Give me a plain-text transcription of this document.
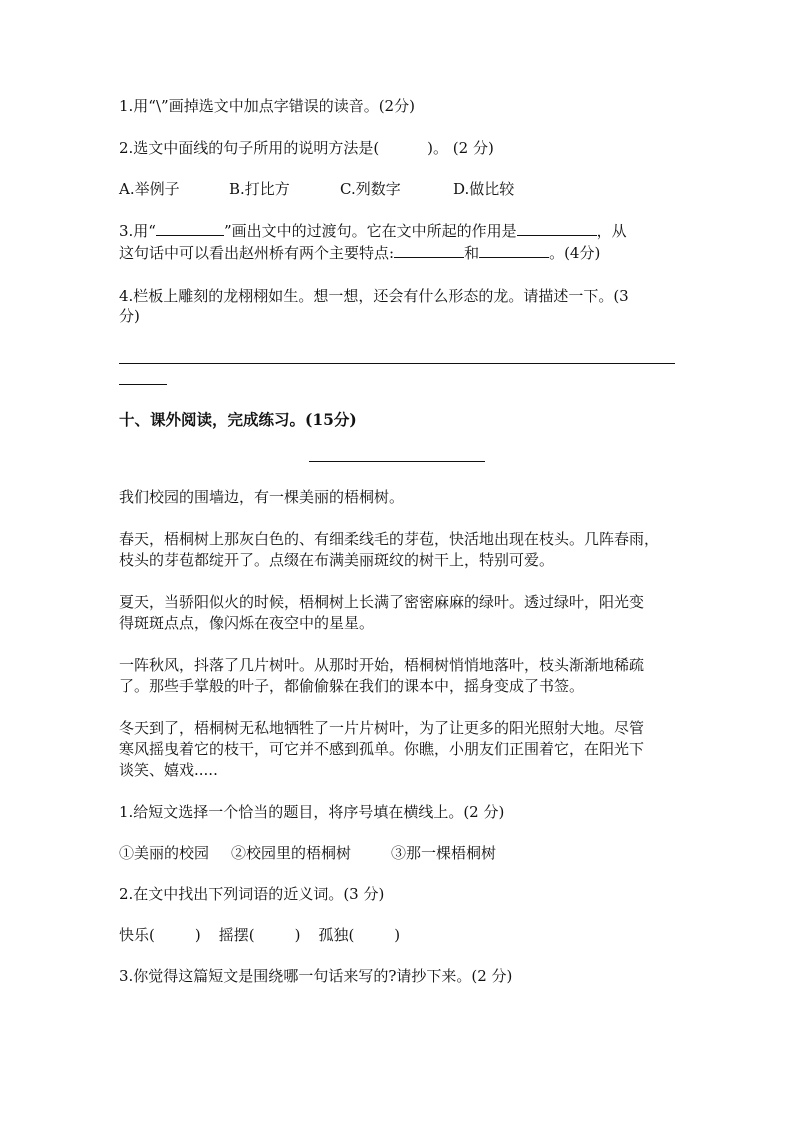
1.用“\”画掉选文中加点字错误的读音。(2分)
2.选文中面线的句子所用的说明方法是(	)。 (2 分)
A.举例子	B.打比方	C.列数字	D.做比较
3.用“	”画出文中的过渡句。它在文中所起的作用是	，从
这句话中可以看出赵州桥有两个主要特点:	和	。(4分)
4.栏板上雕刻的龙栩栩如生。想一想，还会有什么形态的龙。请描述一下。(3
分)
十、课外阅读，完成练习。(15分)
我们校园的围墙边，有一棵美丽的梧桐树。
春天，梧桐树上那灰白色的、有细柔线毛的芽苞，快活地出现在枝头。几阵春雨，
枝头的芽苞都绽开了。点缀在布满美丽斑纹的树干上，特别可爱。
夏天，当骄阳似火的时候，梧桐树上长满了密密麻麻的绿叶。透过绿叶，阳光变
得斑斑点点，像闪烁在夜空中的星星。
一阵秋风，抖落了几片树叶。从那时开始，梧桐树悄悄地落叶，枝头渐渐地稀疏
了。那些手掌般的叶子，都偷偷躲在我们的课本中，摇身变成了书签。
冬天到了，梧桐树无私地牺牲了一片片树叶，为了让更多的阳光照射大地。尽管
寒风摇曳着它的枝干，可它并不感到孤单。你瞧，小朋友们正围着它，在阳光下
谈笑、嬉戏.....
1.给短文选择一个恰当的题目，将序号填在横线上。(2 分)
①美丽的校园 ②校园里的梧桐树	③那一棵梧桐树
2.在文中找出下列词语的近义词。(3 分)
快乐(	) 摇摆(	) 孤独(	)
3.你觉得这篇短文是围绕哪一句话来写的?请抄下来。(2 分)
